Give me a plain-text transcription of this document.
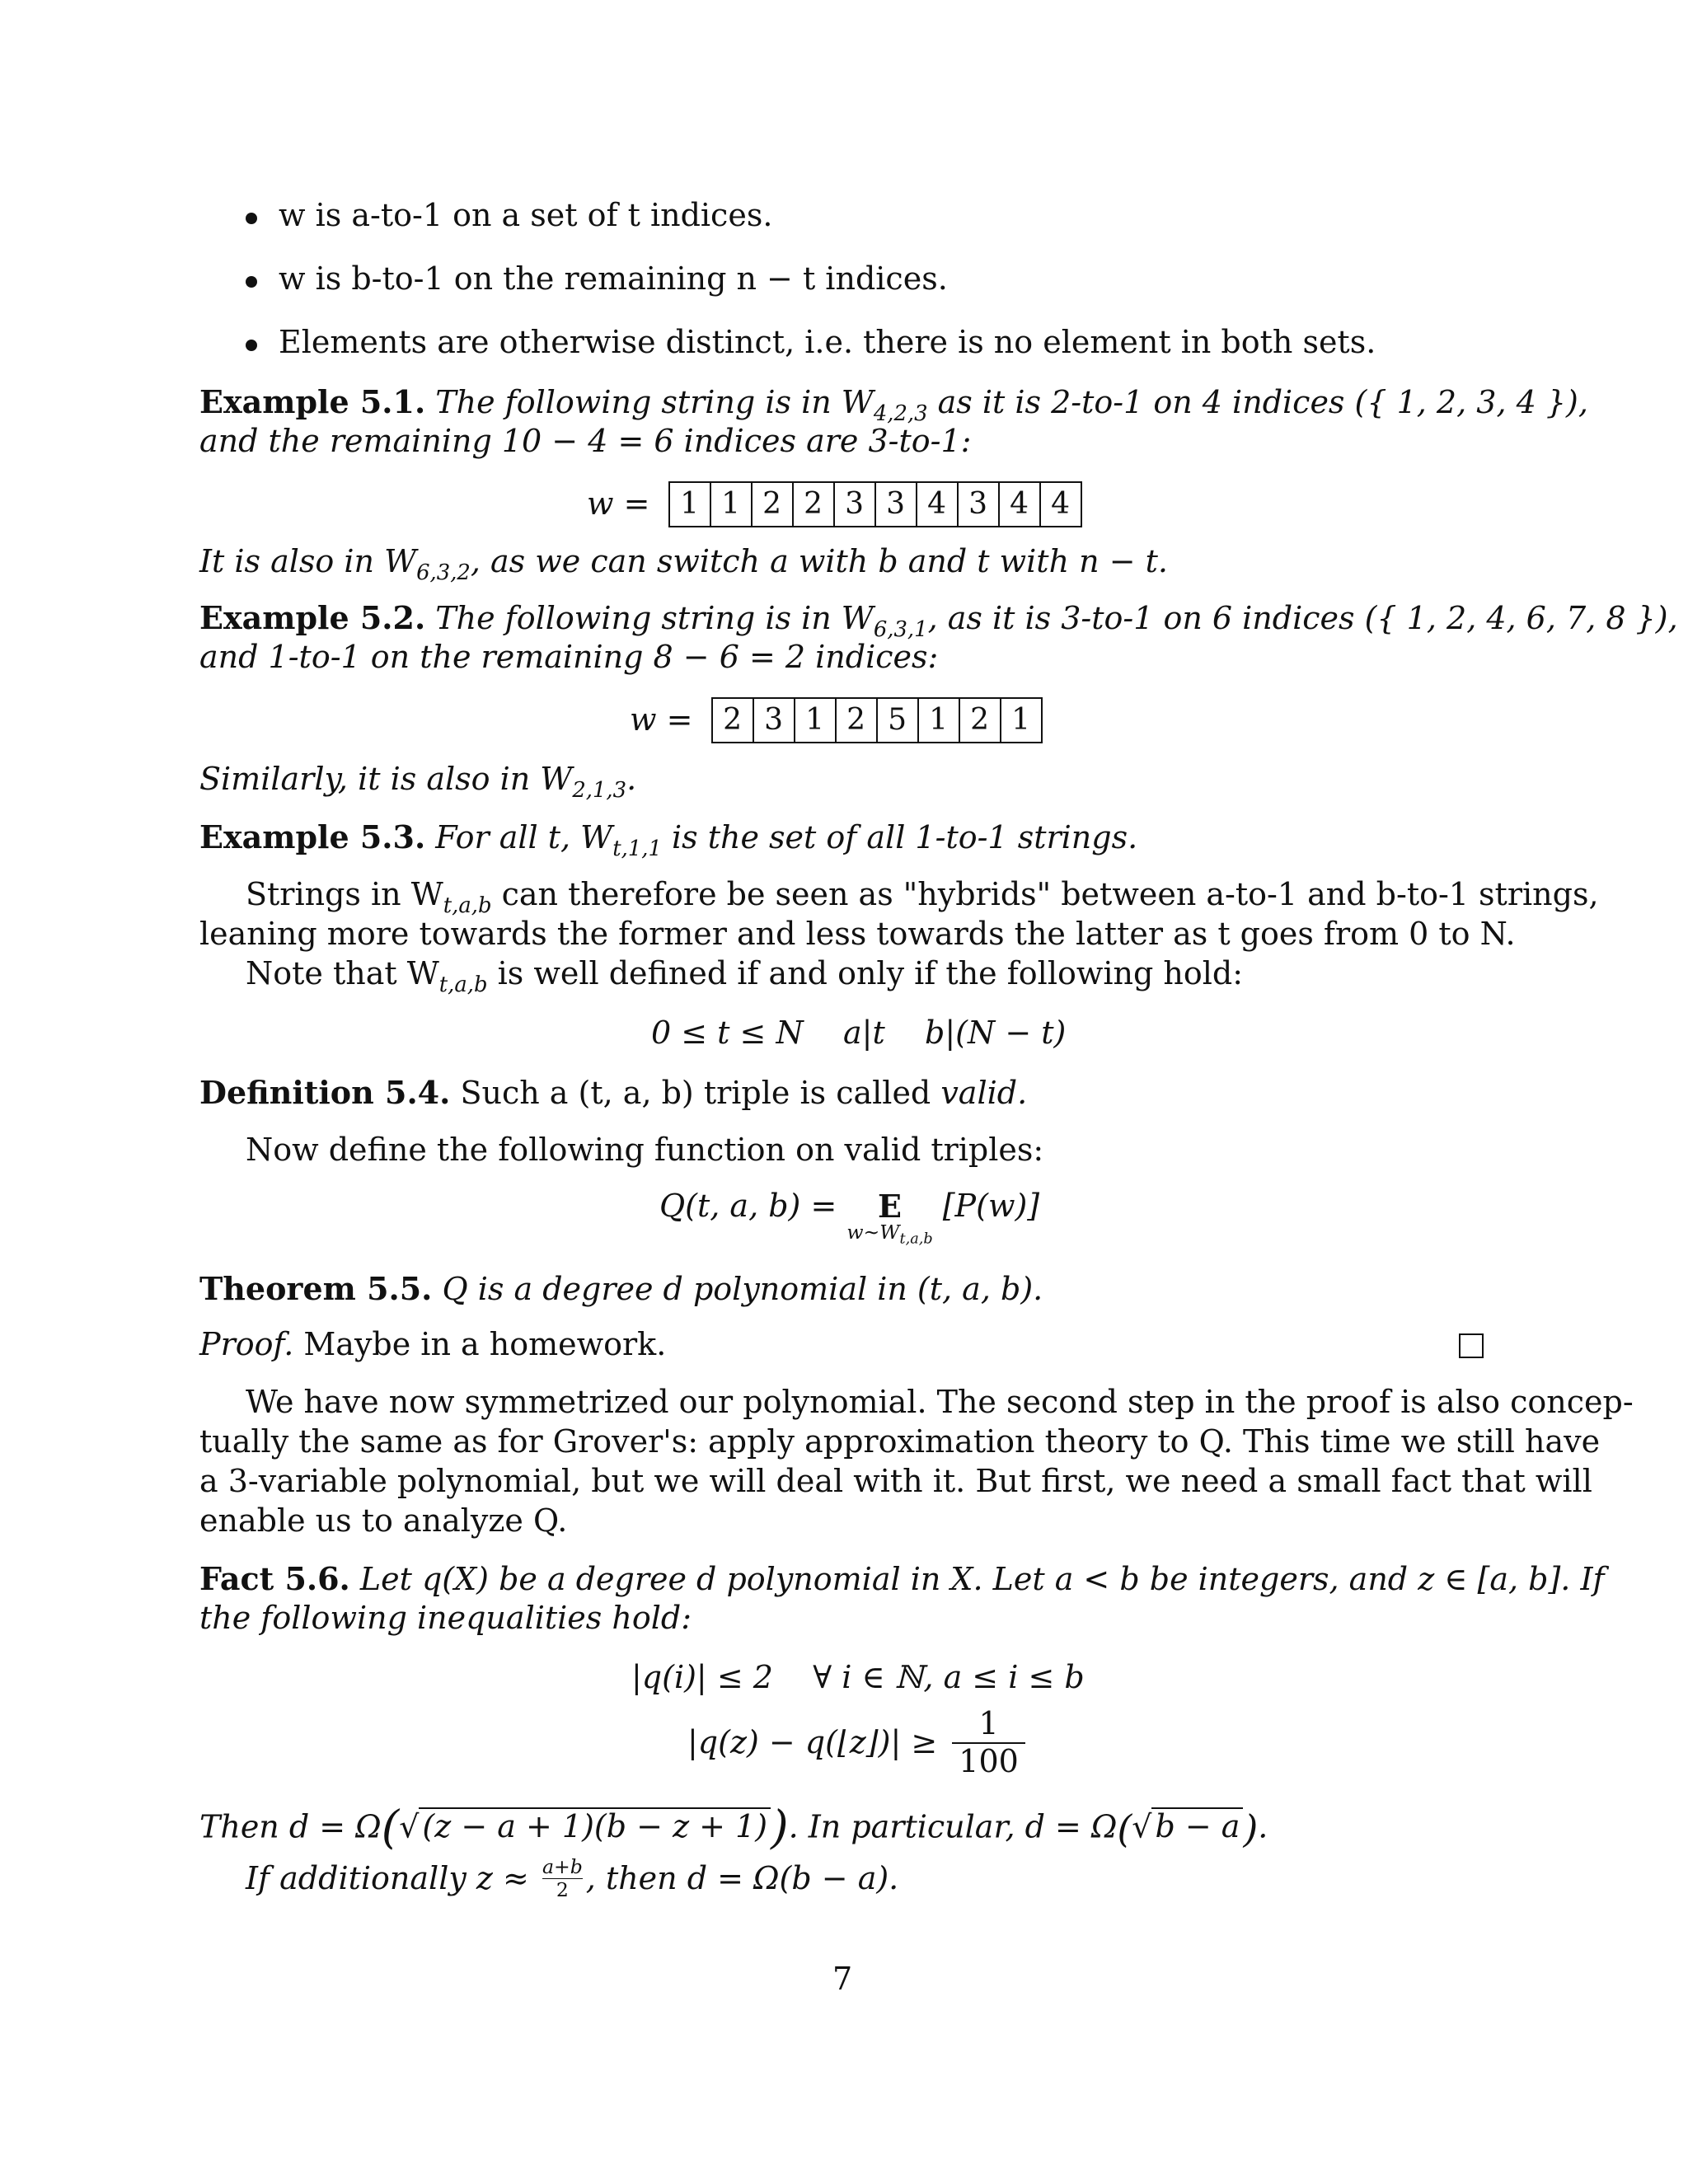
w is a-to-1 on a set of t indices.
w is b-to-1 on the remaining n − t indices.
Elements are otherwise distinct, i.e. there is no element in both sets.
Example 5.1. The following string is in $W_{4,2,3}$ as it is 2-to-1 on 4 indices ({ 1, 2, 3, 4 }),
and the remaining 10 − 4 = 6 indices are 3-to-1:
w = 1	1	2	2	3	3	4	3	4	4
It is also in $W_{6,3,2}$, as we can switch a with b and t with n − t.
Example 5.2. The following string is in $W_{6,3,1}$, as it is 3-to-1 on 6 indices ({ 1, 2, 4, 6, 7, 8 }),
and 1-to-1 on the remaining 8 − 6 = 2 indices:
w = 2	3	1	2	5	1	2	1
Similarly, it is also in $W_{2,1,3}$.
Example 5.3. For all t, $W_{t,1,1}$ is the set of all 1-to-1 strings.
Strings in $W_{t,a,b}$ can therefore be seen as "hybrids" between a-to-1 and b-to-1 strings,
leaning more towards the former and less towards the latter as t goes from 0 to N.
Note that $W_{t,a,b}$ is well defined if and only if the following hold:
0 ≤ t ≤ N    a|t    b|(N − t)
Definition 5.4. Such a (t, a, b) triple is called valid.
Now define the following function on valid triples:
Q(t, a, b) =	E
$w\sim W_{t,a,b}$
[P(w)]
Theorem 5.5. Q is a degree d polynomial in (t, a, b).
Proof. Maybe in a homework.
We have now symmetrized our polynomial. The second step in the proof is also concep-
tually the same as for Grover's: apply approximation theory to Q. This time we still have
a 3-variable polynomial, but we will deal with it. But first, we need a small fact that will
enable us to analyze Q.
Fact 5.6. Let q(X) be a degree d polynomial in X. Let a < b be integers, and z ∈ [a, b]. If
the following inequalities hold:
|q(i)| ≤ 2    ∀ i ∈ ℕ, a ≤ i ≤ b
|q(z) − q(⌊z⌋)| ≥ $\frac{1}{100}$
Then d = Ω(√ (z − a + 1)(b − z + 1)). In particular, d = Ω(√ b − a).
If additionally $z \approx \frac{a+b}{2}$ , then d = Ω(b − a).
7
